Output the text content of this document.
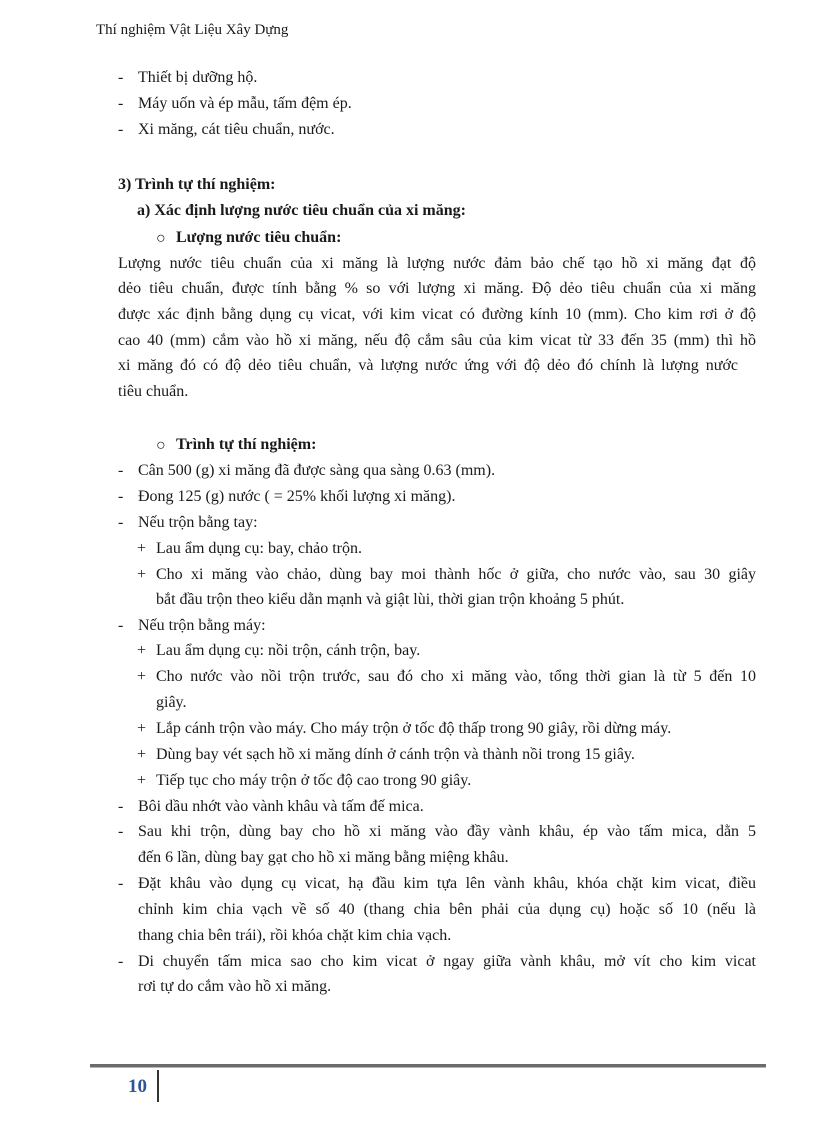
Thí nghiệm Vật Liệu Xây Dựng
- Thiết bị dưỡng hộ.
- Máy uốn và ép mẫu, tấm đệm ép.
- Xi măng, cát tiêu chuẩn, nước.
3) Trình tự thí nghiệm:
a) Xác định lượng nước tiêu chuẩn của xi măng:
○ Lượng nước tiêu chuẩn:
Lượng nước tiêu chuẩn của xi măng là lượng nước đảm bảo chế tạo hồ xi măng đạt độ
dẻo tiêu chuẩn, được tính bằng % so với lượng xi măng. Độ dẻo tiêu chuẩn của xi măng
được xác định bằng dụng cụ vicat, với kim vicat có đường kính 10 (mm). Cho kim rơi ở độ
cao 40 (mm) cắm vào hồ xi măng, nếu độ cắm sâu của kim vicat từ 33 đến 35 (mm) thì hồ
xi măng đó có độ dẻo tiêu chuẩn, và lượng nước ứng với độ dẻo đó chính là lượng nước
tiêu chuẩn.
○ Trình tự thí nghiệm:
- Cân 500 (g) xi măng đã được sàng qua sàng 0.63 (mm).
- Đong 125 (g) nước ( = 25% khối lượng xi măng).
- Nếu trộn bằng tay:
+ Lau ẩm dụng cụ: bay, chảo trộn.
+ Cho xi măng vào chảo, dùng bay moi thành hốc ở giữa, cho nước vào, sau 30 giây
bắt đầu trộn theo kiểu dằn mạnh và giật lùi, thời gian trộn khoảng 5 phút.
- Nếu trộn bằng máy:
+ Lau ẩm dụng cụ: nồi trộn, cánh trộn, bay.
+ Cho nước vào nồi trộn trước, sau đó cho xi măng vào, tổng thời gian là từ 5 đến 10
giây.
+ Lắp cánh trộn vào máy. Cho máy trộn ở tốc độ thấp trong 90 giây, rồi dừng máy.
+ Dùng bay vét sạch hồ xi măng dính ở cánh trộn và thành nồi trong 15 giây.
+ Tiếp tục cho máy trộn ở tốc độ cao trong 90 giây.
- Bôi dầu nhớt vào vành khâu và tấm đế mica.
- Sau khi trộn, dùng bay cho hồ xi măng vào đầy vành khâu, ép vào tấm mica, dằn 5
đến 6 lần, dùng bay gạt cho hồ xi măng bằng miệng khâu.
- Đặt khâu vào dụng cụ vicat, hạ đầu kim tựa lên vành khâu, khóa chặt kim vicat, điều
chỉnh kim chia vạch về số 40 (thang chia bên phải của dụng cụ) hoặc số 10 (nếu là
thang chia bên trái), rồi khóa chặt kim chia vạch.
- Di chuyển tấm mica sao cho kim vicat ở ngay giữa vành khâu, mở vít cho kim vicat
rơi tự do cắm vào hồ xi măng.
10
